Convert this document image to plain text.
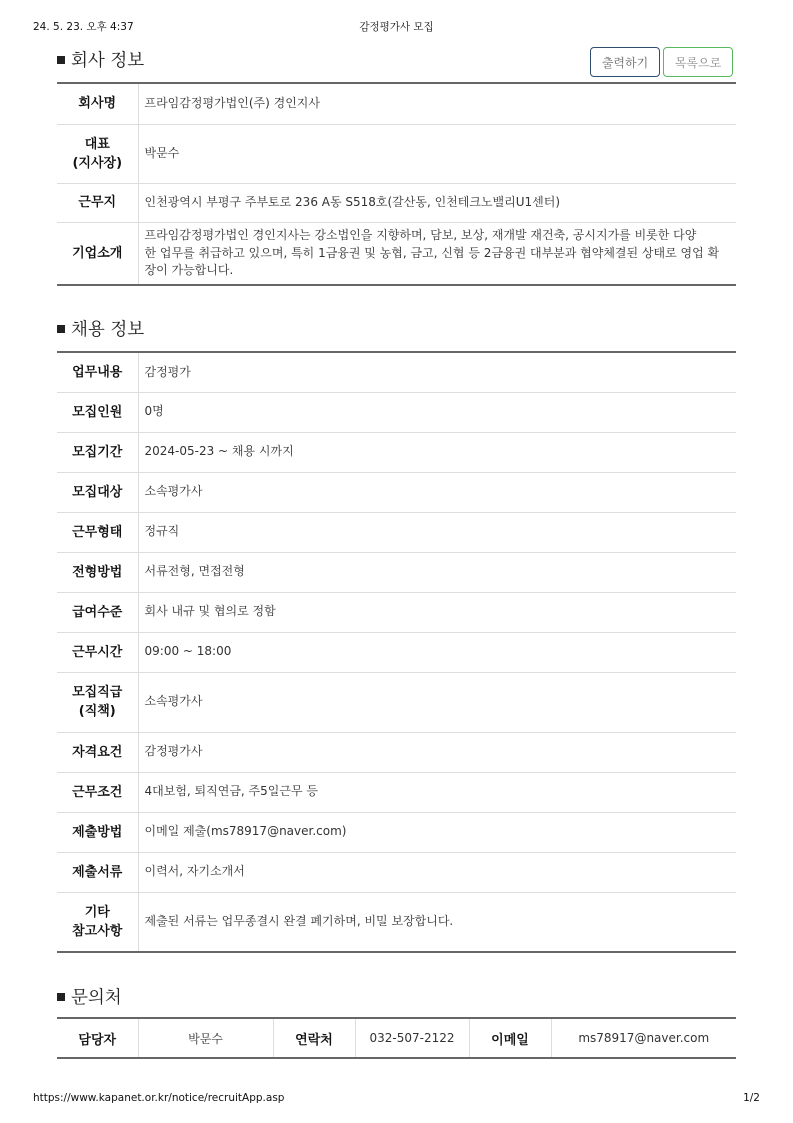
24. 5. 23. 오후 4:37	감정평가사 모집
회사 정보	출력하기	목록으로
회사명	프라임감정평가법인(주) 경인지사
대표
(지사장)	박문수
근무지	인천광역시 부평구 주부토로 236 A동 S518호(갈산동, 인천테크노밸리U1센터)
기업소개	프라임감정평가법인 경인지사는 강소법인을 지향하며, 담보, 보상, 재개발 재건축, 공시지가를 비롯한 다양
한 업무를 취급하고 있으며, 특히 1금융권 및 농협, 금고, 신협 등 2금융권 대부분과 협약체결된 상태로 영업 확
장이 가능합니다.
채용 정보
업무내용	감정평가
모집인원	0명
모집기간	2024-05-23 ~ 채용 시까지
모집대상	소속평가사
근무형태	정규직
전형방법	서류전형, 면접전형
급여수준	회사 내규 및 협의로 정함
근무시간	09:00 ~ 18:00
모집직급
(직책)	소속평가사
자격요건	감정평가사
근무조건	4대보험, 퇴직연금, 주5일근무 등
제출방법	이메일 제출(ms78917@naver.com)
제출서류	이력서, 자기소개서
기타
참고사항	제출된 서류는 업무종결시 완결 폐기하며, 비밀 보장합니다.
문의처
담당자	박문수	연락처	032-507-2122	이메일	ms78917@naver.com
https://www.kapanet.or.kr/notice/recruitApp.asp	1/2
